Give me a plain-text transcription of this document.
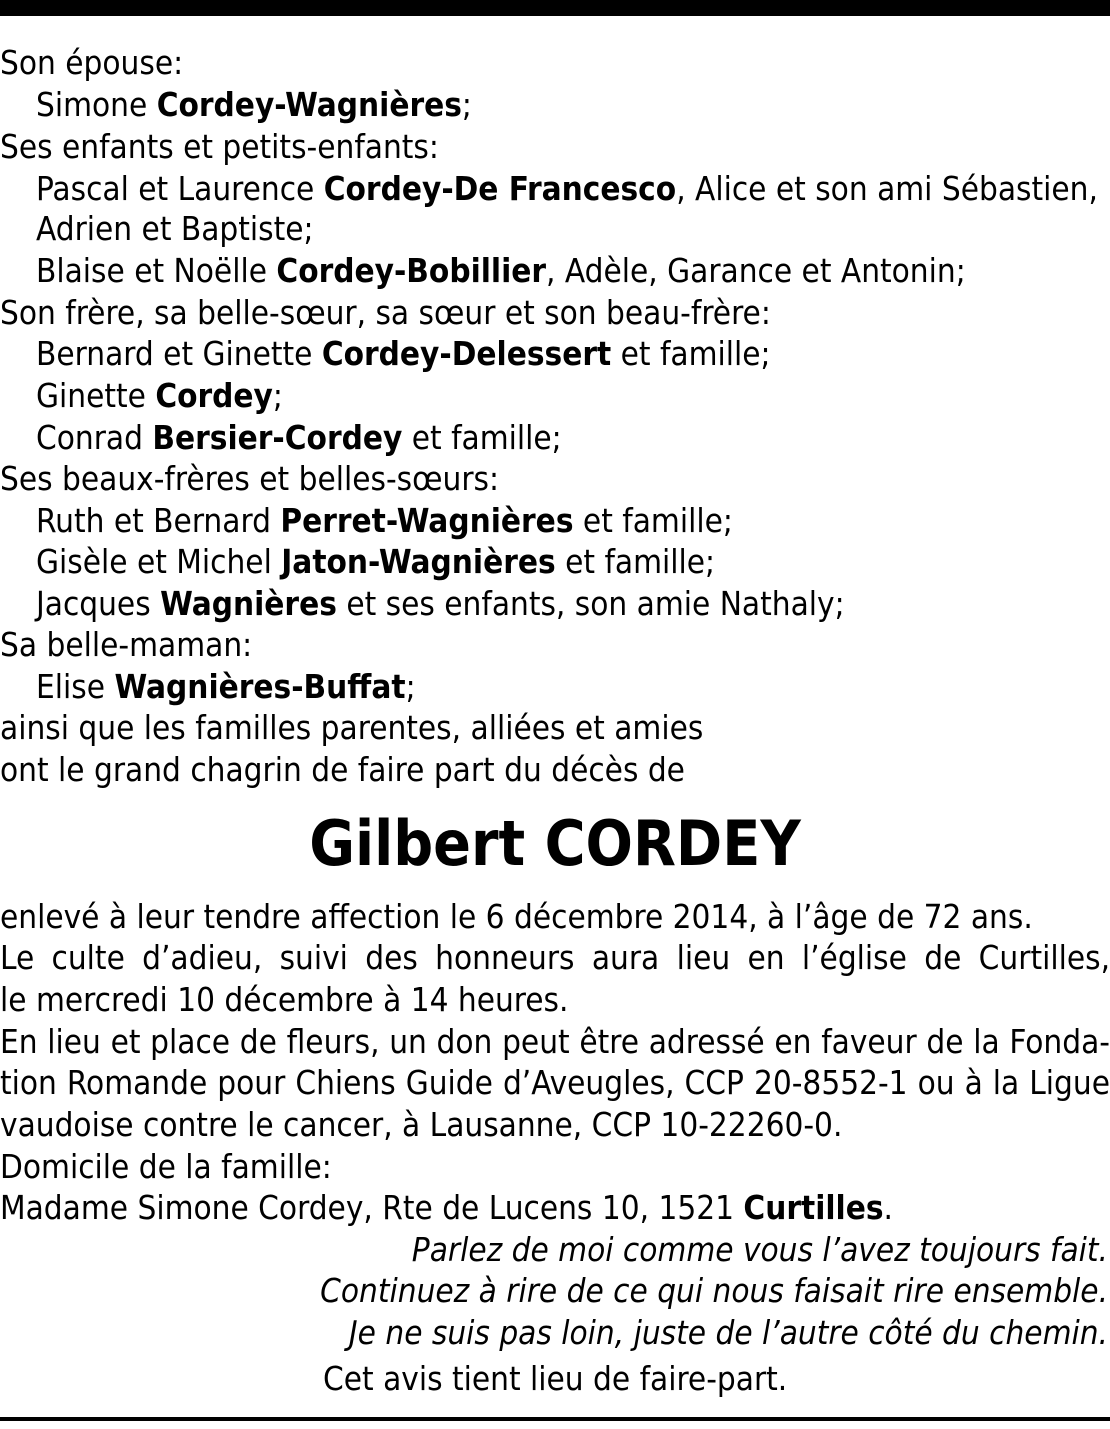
Son épouse:
Simone Cordey-Wagnières;
Ses enfants et petits-enfants:
Pascal et Laurence Cordey-De Francesco, Alice et son ami Sébastien,
Adrien et Baptiste;
Blaise et Noëlle Cordey-Bobillier, Adèle, Garance et Antonin;
Son frère, sa belle-sœur, sa sœur et son beau-frère:
Bernard et Ginette Cordey-Delessert et famille;
Ginette Cordey;
Conrad Bersier-Cordey et famille;
Ses beaux-frères et belles-sœurs:
Ruth et Bernard Perret-Wagnières et famille;
Gisèle et Michel Jaton-Wagnières et famille;
Jacques Wagnières et ses enfants, son amie Nathaly;
Sa belle-maman:
Elise Wagnières-Buffat;
ainsi que les familles parentes, alliées et amies
ont le grand chagrin de faire part du décès de
Gilbert CORDEY
enlevé à leur tendre affection le 6 décembre 2014, à l’âge de 72 ans.
Le culte d’adieu, suivi des honneurs aura lieu en l’église de Curtilles,
le mercredi 10 décembre à 14 heures.
En lieu et place de fleurs, un don peut être adressé en faveur de la Fonda-
tion Romande pour Chiens Guide d’Aveugles, CCP 20-8552-1 ou à la Ligue
vaudoise contre le cancer, à Lausanne, CCP 10-22260-0.
Domicile de la famille:
Madame Simone Cordey, Rte de Lucens 10, 1521 Curtilles.
Parlez de moi comme vous l’avez toujours fait.
Continuez à rire de ce qui nous faisait rire ensemble.
Je ne suis pas loin, juste de l’autre côté du chemin.
Cet avis tient lieu de faire-part.
